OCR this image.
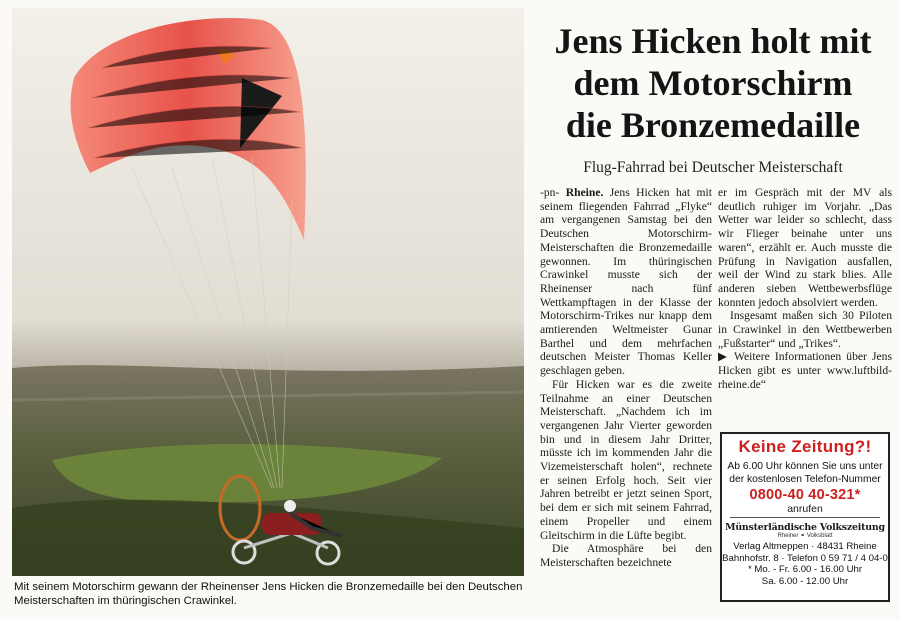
Mit seinem Motorschirm gewann der Rheinenser Jens Hicken die Bronzemedaille bei den Deutschen Meisterschaften im thüringischen Crawinkel.
Jens Hicken holt mit
dem Motorschirm
die Bronzemedaille
Flug-Fahrrad bei Deutscher Meisterschaft

-pn- Rheine. Jens Hicken hat mit seinem fliegenden Fahrrad „Flyke“ am vergangenen Samstag bei den Deutschen Motorschirm-Meisterschaften die Bronzemedaille gewonnen. Im thüringischen Crawinkel musste sich der Rheinenser nach fünf Wettkampftagen in der Klasse der Motorschirm-Trikes nur knapp dem amtierenden Weltmeister Gunar Barthel und dem mehrfachen deutschen Meister Thomas Keller geschlagen geben.

Für Hicken war es die zweite Teilnahme an einer Deutschen Meisterschaft. „Nachdem ich im vergangenen Jahr Vierter geworden bin und in diesem Jahr Dritter, müsste ich im kommenden Jahr die Vizemeisterschaft holen“, rechnete er seinen Erfolg hoch. Seit vier Jahren betreibt er jetzt seinen Sport, bei dem er sich mit seinem Fahrrad, einem Propeller und einem Gleitschirm in die Lüfte begibt.

Die Atmosphäre bei den Meisterschaften bezeichnete

er im Gespräch mit der MV als deutlich ruhiger im Vorjahr. „Das Wetter war leider so schlecht, dass wir Flieger beinahe unter uns waren“, erzählt er. Auch musste die Prüfung in Navigation ausfallen, weil der Wind zu stark blies. Alle anderen sieben Wettbewerbsflüge konnten jedoch absolviert werden.

Insgesamt maßen sich 30 Piloten in Crawinkel in den Wettbewerben „Fußstarter“ und „Trikes“.

▶ Weitere Informationen über Jens Hicken gibt es unter www.luftbild-rheine.de“

Keine Zeitung?!
Ab 6.00 Uhr können Sie uns unter der kostenlosen Telefon-Nummer
0800-40 40-321*
anrufen
Münsterländische Volkszeitung
Rheiner ⚭ Volksblatt
Verlag Altmeppen · 48431 Rheine
Bahnhofstr. 8 · Telefon 0 59 71 / 4 04-0
* Mo. - Fr. 6.00 - 16.00 Uhr
Sa. 6.00 - 12.00 Uhr
